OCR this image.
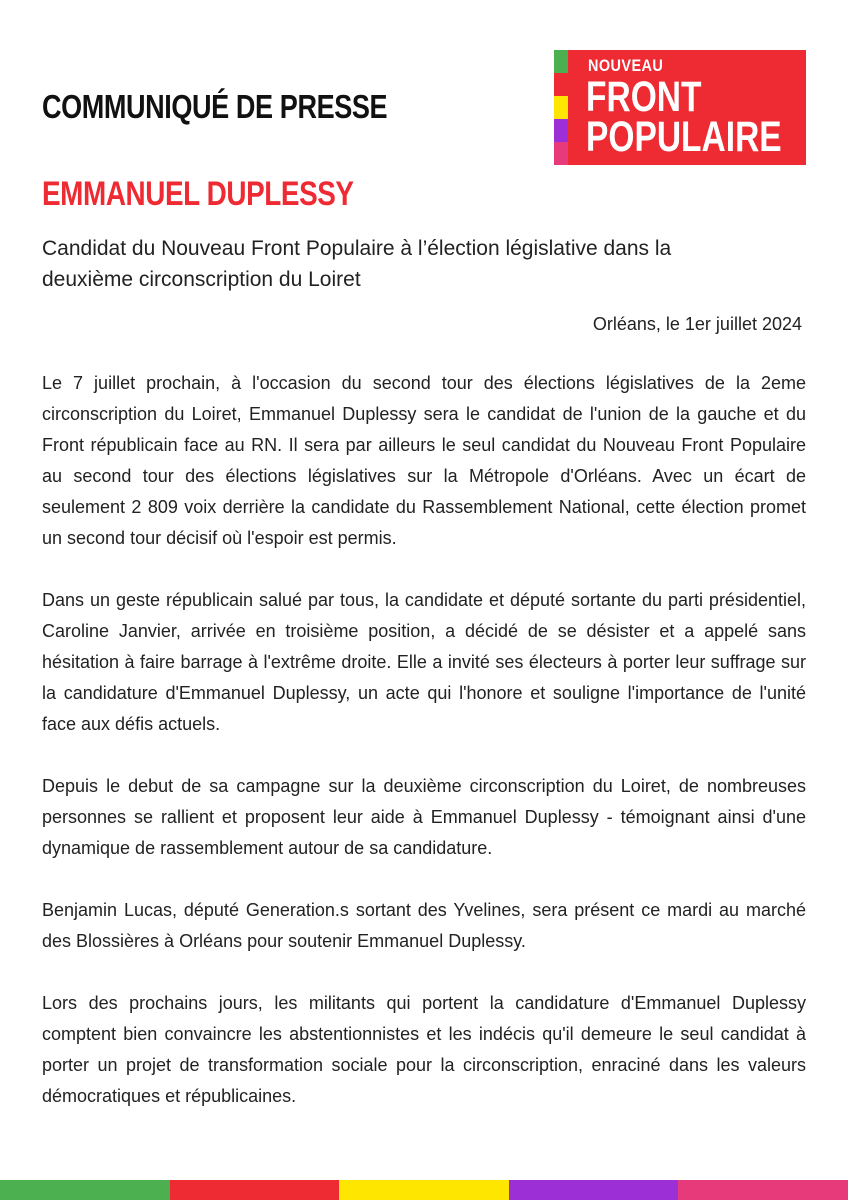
COMMUNIQUÉ DE PRESSE
NOUVEAU
FRONT
POPULAIRE
EMMANUEL DUPLESSY
Candidat du Nouveau Front Populaire à l’élection législative dans la deuxième circonscription du Loiret
Orléans, le 1er juillet 2024

Le 7 juillet prochain, à l'occasion du second tour des élections législatives de la 2eme circonscription du Loiret, Emmanuel Duplessy sera le candidat de l'union de la gauche et du Front républicain face au RN. Il sera par ailleurs le seul candidat du Nouveau Front Populaire au second tour des élections législatives sur la Métropole d'Orléans. Avec un écart de seulement 2 809 voix derrière la candidate du Rassemblement National, cette élection promet un second tour décisif où l'espoir est permis.

Dans un geste républicain salué par tous, la candidate et député sortante du parti présidentiel, Caroline Janvier, arrivée en troisième position, a décidé de se désister et a appelé sans hésitation à faire barrage à l'extrême droite. Elle a invité ses électeurs à porter leur suffrage sur la candidature d'Emmanuel Duplessy, un acte qui l'honore et souligne l'importance de l'unité face aux défis actuels.

Depuis le debut de sa campagne sur la deuxième circonscription du Loiret, de nombreuses personnes se rallient et proposent leur aide à Emmanuel Duplessy - témoignant ainsi d'une dynamique de rassemblement autour de sa candidature.

Benjamin Lucas, député Generation.s sortant des Yvelines, sera présent ce mardi au marché des Blossières à Orléans pour soutenir Emmanuel Duplessy.

Lors des prochains jours, les militants qui portent la candidature d'Emmanuel Duplessy comptent bien convaincre les abstentionnistes et les indécis qu'il demeure le seul candidat à porter un projet de transformation sociale pour la circonscription, enraciné dans les valeurs démocratiques et républicaines.
